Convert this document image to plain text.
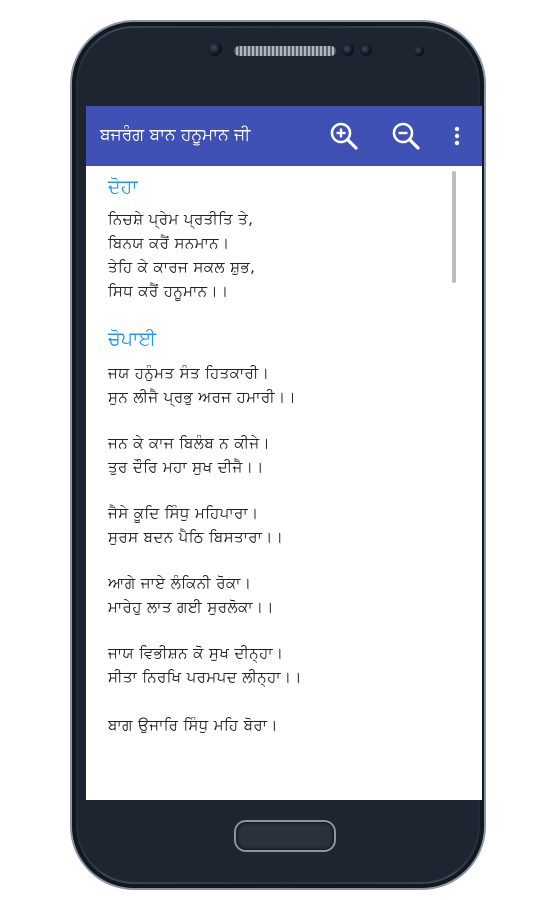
ਬਜਰੰਗ ਬਾਨ ਹਨੂਮਾਨ ਜੀ
ਦੋਹਾ
ਨਿਚਸ਼ੇ ਪ੍ਰੇਮ ਪ੍ਰਤੀਤਿ ਤੇ,
ਬਿਨਯ ਕਰੈਂ ਸਨਮਾਨ।
ਤੇਹਿ ਕੇ ਕਾਰਜ ਸਕਲ ਸ਼ੁਭ,
ਸਿਧ ਕਰੈਂ ਹਨੂਮਾਨ।।
ਚੋਪਾਈ
ਜਯ ਹਨੁੰਮਤ ਸੰਤ ਹਿਤਕਾਰੀ।
ਸੁਨ ਲੀਜੈ ਪ੍ਰਭੁ ਅਰਜ ਹਮਾਰੀ।।
ਜਨ ਕੇ ਕਾਜ ਬਿਲੰਬ ਨ ਕੀਜੇ।
ਤੁਰ ਦੌਰਿ ਮਹਾ ਸੁਖ ਦੀਜੈ।।
ਜੈਸੇ ਕੂਦਿ ਸਿੰਧੁ ਮਹਿਪਾਰਾ।
ਸੁਰਸ ਬਦਨ ਪੈਠਿ ਬਿਸਤਾਰਾ।।
ਆਗੇ ਜਾਏ ਲੰਕਿਨੀ ਰੋਕਾ।
ਮਾਰੇਹੁ ਲਾਤ ਗਈ ਸੁਰਲੋਕਾ।।
ਜਾਯ ਵਿਭੀਸ਼ਨ ਕੋ ਸੁਖ ਦੀਨ੍ਹਾ।
ਸੀਤਾ ਨਿਰਖਿ ਪਰਮਪਦ ਲੀਨ੍ਹਾ।।
ਬਾਗ ਉਜਾਰਿ ਸਿੰਧੁ ਮਹਿ ਬੋਰਾ।
